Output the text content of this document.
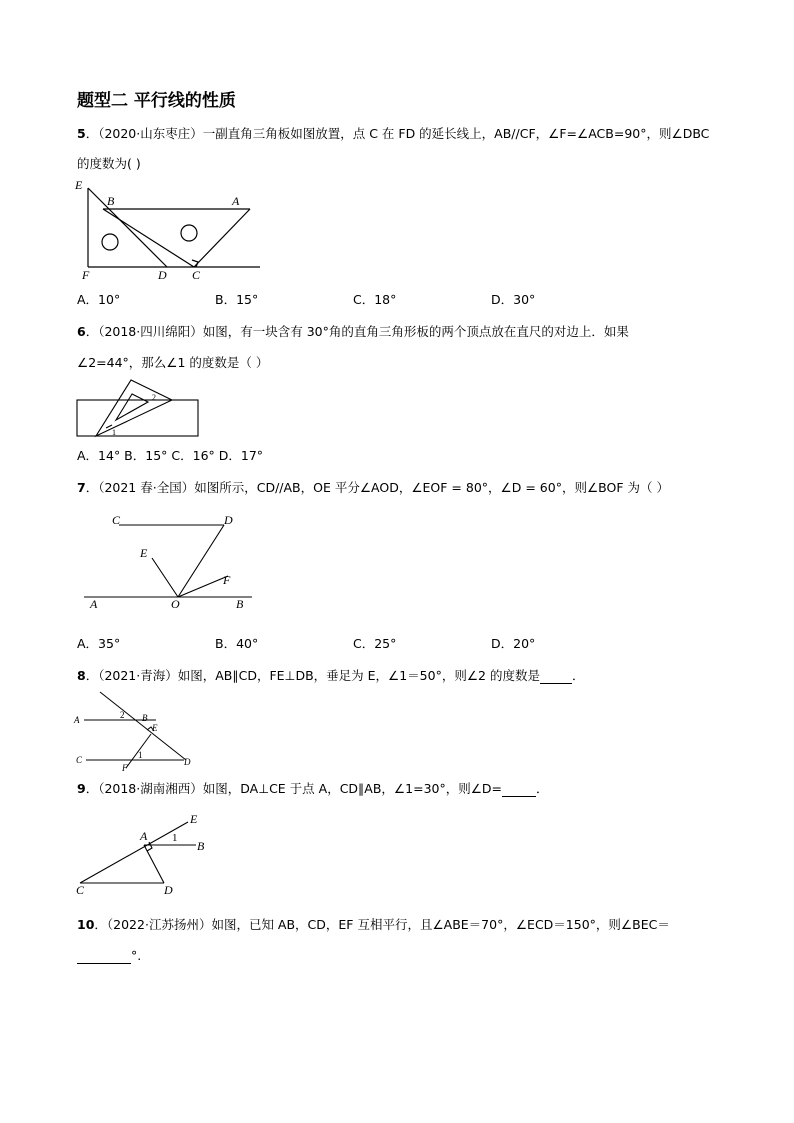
题型二 平行线的性质
5．（2020·山东枣庄）一副直角三角板如图放置，点 C 在 FD 的延长线上，AB//CF，∠F=∠ACB=90°，则∠DBC
的度数为( )
E
B	A
F	D C
A．10°	B．15°	C．18°	D．30°
6．（2018·四川绵阳）如图，有一块含有 30°角的直角三角形板的两个顶点放在直尺的对边上．如果
∠2=44°，那么∠1 的度数是（ ）
2
1
A．14° B．15° C．16° D．17°
7．（2021 春·全国）如图所示，CD//AB，OE 平分∠AOD，∠EOF = 80°，∠D = 60°，则∠BOF 为（ ）
C	D
E
F
A	O	B
A．35°	B．40°	C．25°	D．20°
8．（2021·青海）如图，AB∥CD，FE⊥DB，垂足为 E，∠1＝50°，则∠2 的度数是	．
A	B
E
C	D
F
1
2
9．（2018·湖南湘西）如图，DA⊥CE 于点 A，CD∥AB，∠1=30°，则∠D=	．
E
A 1
B
C	D
10．（2022·江苏扬州）如图，已知 AB，CD，EF 互相平行，且∠ABE＝70°，∠ECD＝150°，则∠BEC＝
°.
